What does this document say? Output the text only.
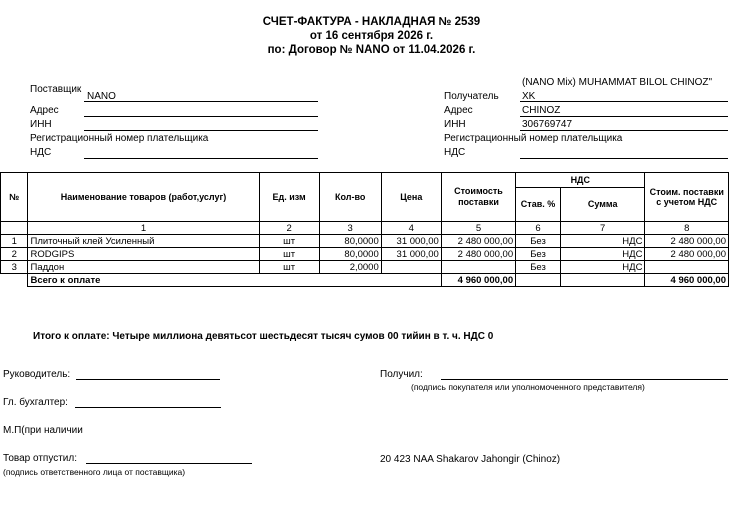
СЧЕТ-ФАКТУРА - НАКЛАДНАЯ № 2539
от 16 сентября 2026 г.
по: Договор № NANO от 11.04.2026 г.
Поставщик
NANO
Адрес
ИНН
Регистрационный номер плательщика
НДС
(NANO Mix) MUHAMMAT BILOL CHINOZ"
Получатель XK
Адрес	CHINOZ
ИНН	306769747
Регистрационный номер плательщика
НДС
№	Наименование товаров (работ,услуг)	Ед. изм	Кол-во	Цена	Стоимость поставки	НДС		Стоим. поставки с учетом НДС
						Став. %	Сумма	
	1	2	3	4	5	6	7	8
1	Плиточный клей Усиленный	шт	80,0000	31 000,00	2 480 000,00	Без	НДС	2 480 000,00
2	RODGIPS	шт	80,0000	31 000,00	2 480 000,00	Без	НДС	2 480 000,00
3	Паддон	шт	2,0000			Без	НДС	
	Всего к оплате				4 960 000,00			4 960 000,00
Итого к оплате: Четыре миллиона девятьсот шестьдесят тысяч сумов 00 тийин в т. ч. НДС 0
Руководитель:
Гл. бухгалтер:
М.П(при наличии
Товар отпустил:
(подпись ответственного лица от поставщика)
Получил:
(подпись покупателя или уполномоченного представителя)
20 423 NAA Shakarov Jahongir (Chinoz)
